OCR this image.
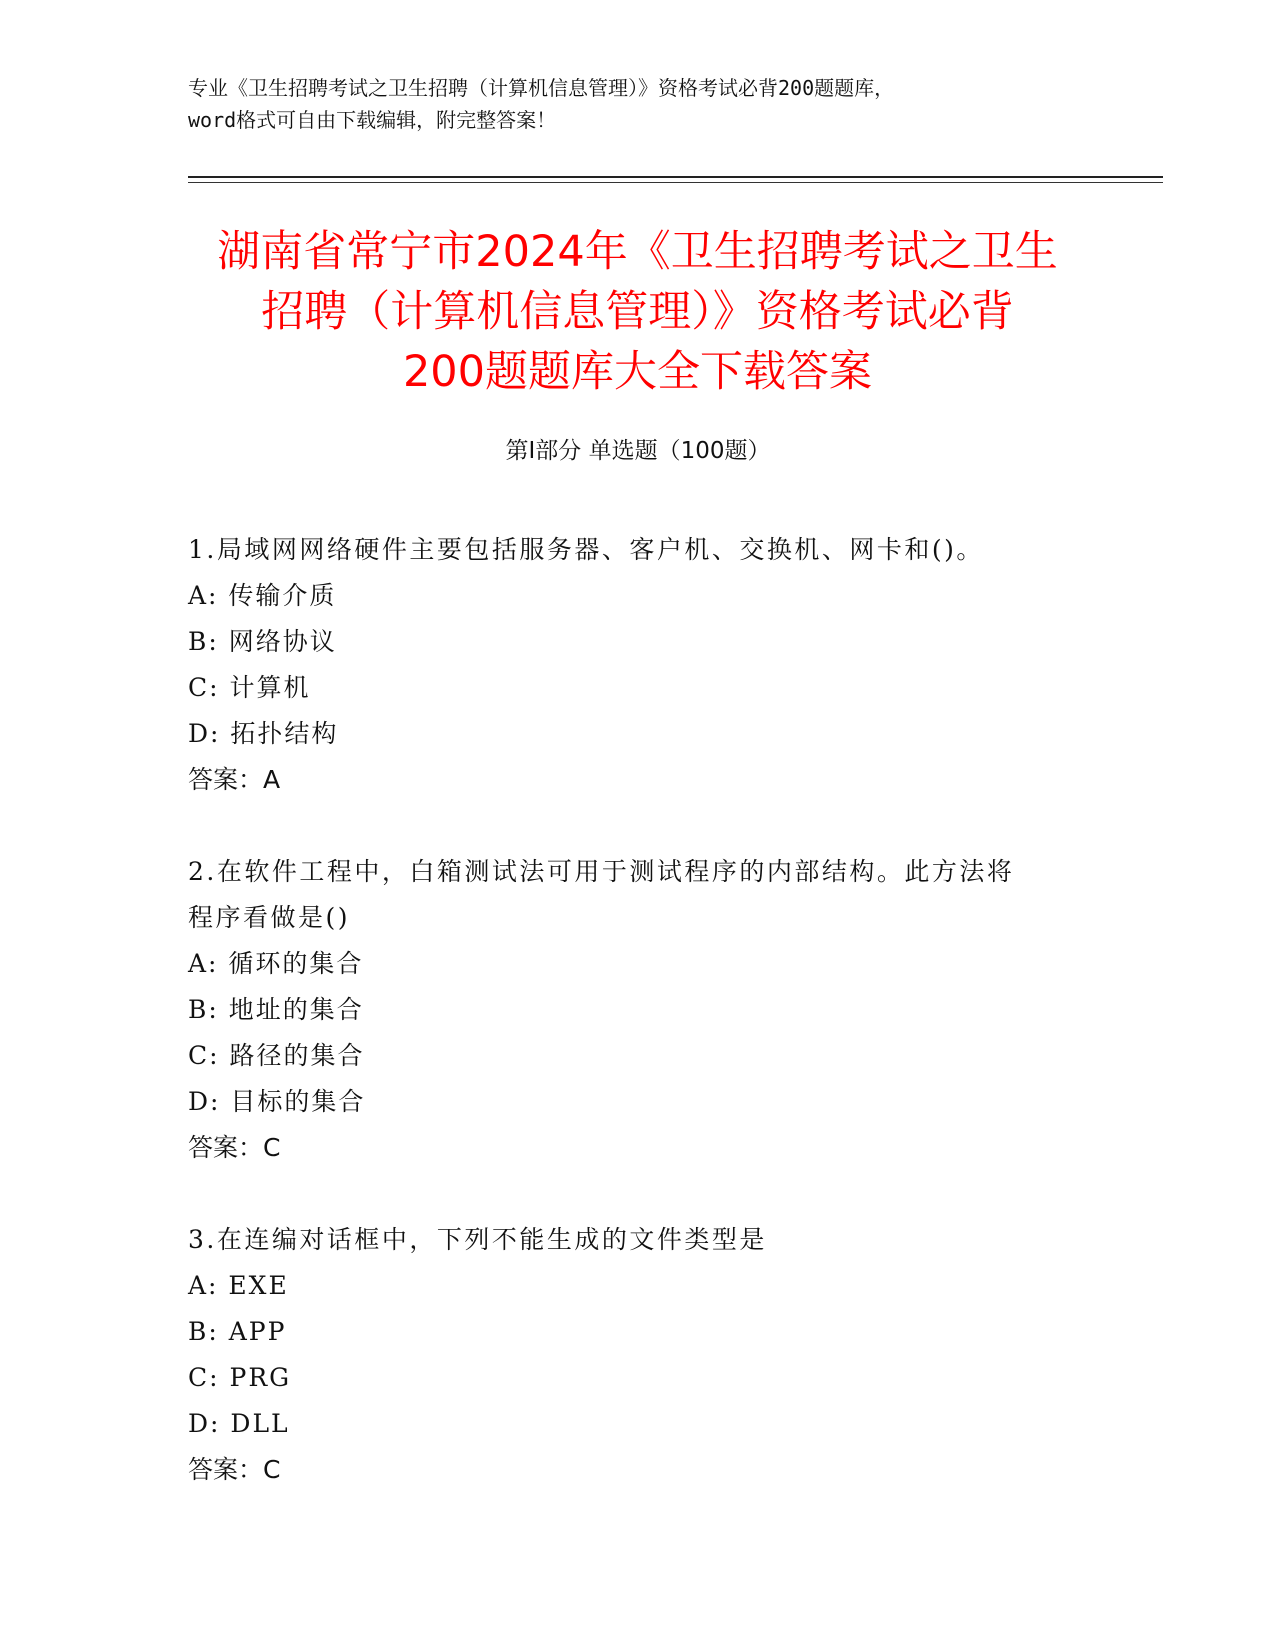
专业《卫生招聘考试之卫生招聘（计算机信息管理）》资格考试必背200题题库，
word格式可自由下载编辑，附完整答案！
湖南省常宁市2024年《卫生招聘考试之卫生
招聘（计算机信息管理）》资格考试必背
200题题库大全下载答案
第I部分 单选题（100题）
1.局域网网络硬件主要包括服务器、客户机、交换机、网卡和()。
A: 传输介质
B: 网络协议
C: 计算机
D: 拓扑结构
答案：A
2.在软件工程中，白箱测试法可用于测试程序的内部结构。此方法将
程序看做是()
A: 循环的集合
B: 地址的集合
C: 路径的集合
D: 目标的集合
答案：C
3.在连编对话框中，下列不能生成的文件类型是
A: EXE
B: APP
C: PRG
D: DLL
答案：C
